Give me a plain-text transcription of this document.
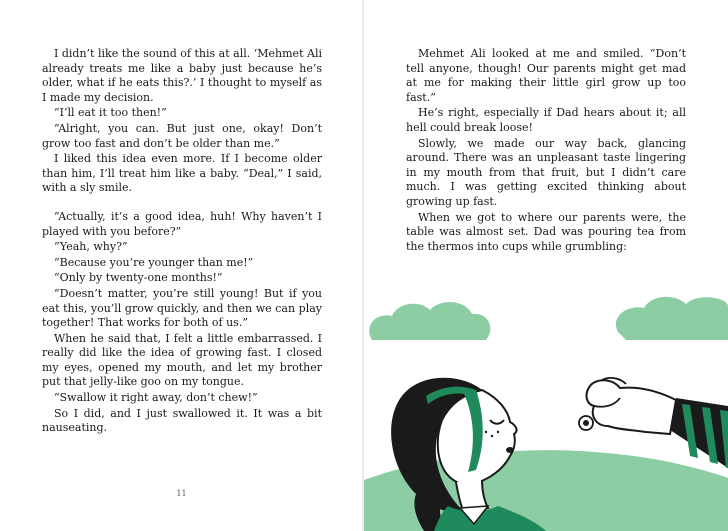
I didn’t like the sound of this at all. ‘Mehmet Ali already treats me like a baby just because he’s older, what if he eats this?.’ I thought to myself as I made my decision.

“I’ll eat it too then!”

“Alright, you can. But just one, okay! Don’t grow too fast and don’t be older than me.”

I liked this idea even more. If I become older than him, I’ll treat him like a baby. “Deal,” I said, with a sly smile.

“Actually, it’s a good idea, huh! Why haven’t I played with you before?”

“Yeah, why?”

“Because you’re younger than me!”

“Only by twenty-one months!”

“Doesn’t matter, you’re still young! But if you eat this, you’ll grow quickly, and then we can play together! That works for both of us.”

When he said that, I felt a little embarrassed. I really did like the idea of growing fast. I closed my eyes, opened my mouth, and let my brother put that jelly-like goo on my tongue.

“Swallow it right away, don’t chew!”

So I did, and I just swallowed it. It was a bit nauseating.

11

Mehmet Ali looked at me and smiled. “Don’t tell anyone, though! Our parents might get mad at me for making their little girl grow up too fast.”

He’s right, especially if Dad hears about it; all hell could break loose!

Slowly, we made our way back, glancing around. There was an unpleasant taste lingering in my mouth from that fruit, but I didn’t care much. I was getting excited thinking about growing up fast.

When we got to where our parents were, the table was almost set. Dad was pouring tea from the thermos into cups while grumbling:
